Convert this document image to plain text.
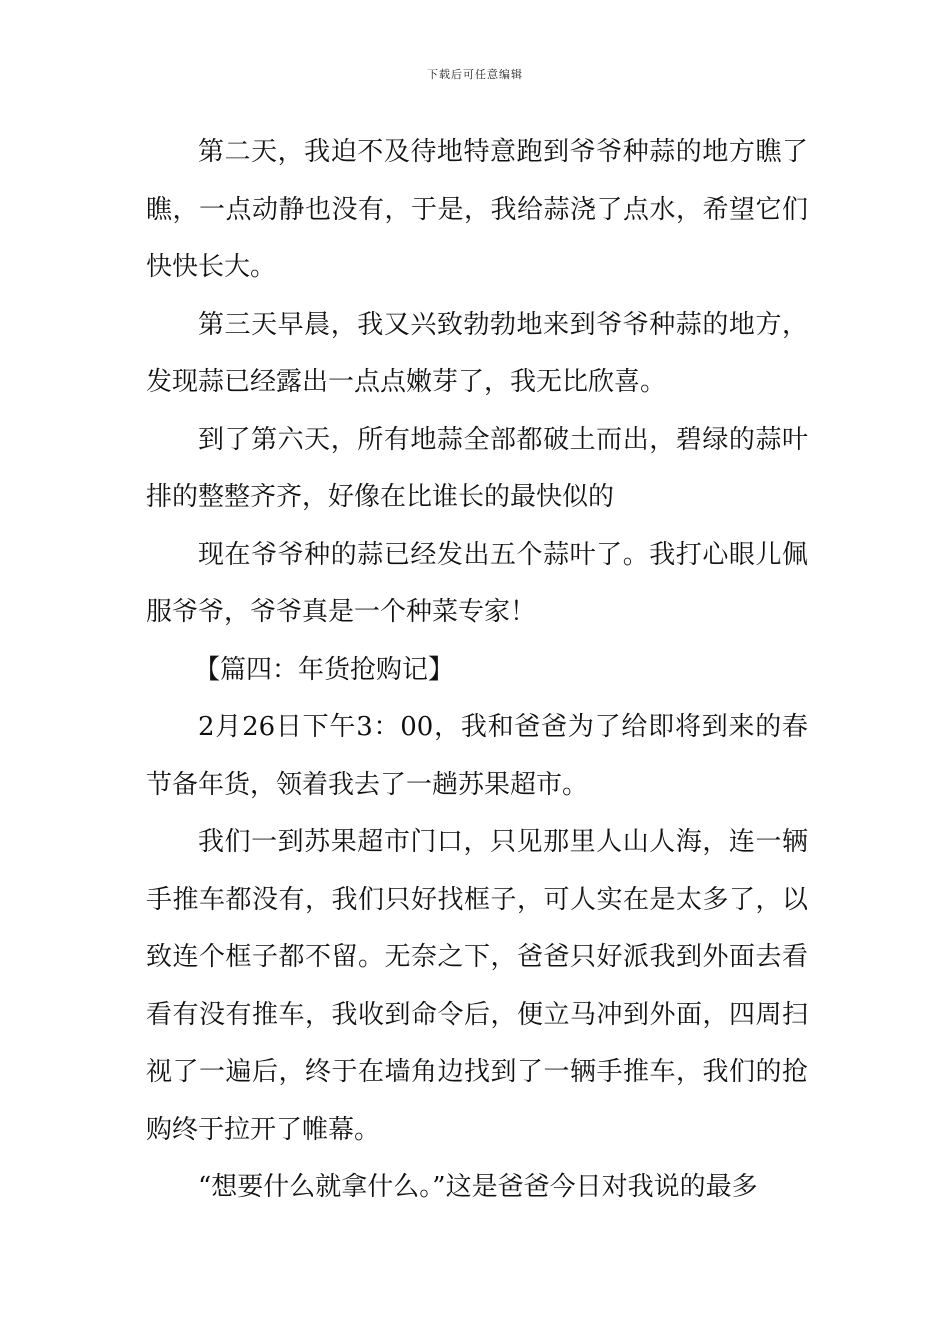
下载后可任意编辑

第二天，我迫不及待地特意跑到爷爷种蒜的地方瞧了瞧，一点动静也没有，于是，我给蒜浇了点水，希望它们快快长大。

第三天早晨，我又兴致勃勃地来到爷爷种蒜的地方，发现蒜已经露出一点点嫩芽了，我无比欣喜。

到了第六天，所有地蒜全部都破土而出，碧绿的蒜叶排的整整齐齐，好像在比谁长的最快似的

现在爷爷种的蒜已经发出五个蒜叶了。我打心眼儿佩服爷爷，爷爷真是一个种菜专家！

【篇四：年货抢购记】

2月26日下午3：00，我和爸爸为了给即将到来的春节备年货，领着我去了一趟苏果超市。

我们一到苏果超市门口，只见那里人山人海，连一辆手推车都没有，我们只好找框子，可人实在是太多了，以致连个框子都不留。无奈之下，爸爸只好派我到外面去看看有没有推车，我收到命令后，便立马冲到外面，四周扫视了一遍后，终于在墙角边找到了一辆手推车，我们的抢购终于拉开了帷幕。

“想要什么就拿什么。”这是爸爸今日对我说的最多
